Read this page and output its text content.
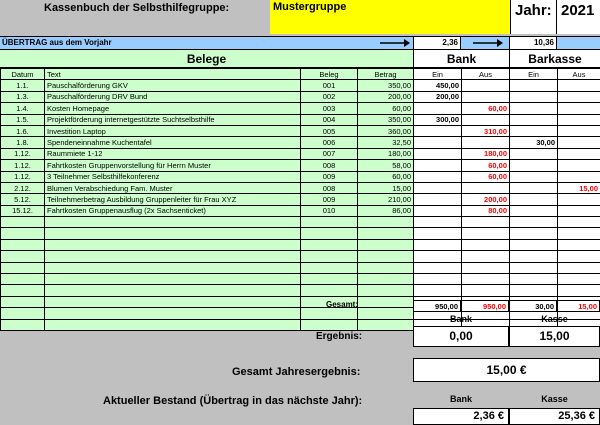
Kassenbuch der Selbsthilfegruppe:	Mustergruppe	Jahr: 2021
ÜBERTRAG aus dem Vorjahr	2,36	10,36
Belege	Bank	Barkasse
Datum	Text	Beleg	Betrag	Ein	Aus	Ein	Aus
1.1.	Pauschalförderung GKV	001	350,00	450,00			
1.3.	Pauschalförderung DRV Bund	002	200,00	200,00			
1.4.	Kosten Homepage	003	60,00		60,00		
1.5.	Projektförderung internetgestützte Suchtselbsthilfe	004	350,00	300,00			
1.6.	Investition Laptop	005	360,00		310,00		
1.8.	Spendeneinnahme Kuchentafel	006	32,50			30,00	
1.12.	Raummiete 1-12	007	180,00		180,00		
1.12.	Fahrtkosten Gruppenvorstellung für Herrn Muster	008	58,00		60,00		
1.12.	3 Teilnehmer Selbsthilfekonferenz	009	60,00		60,00		
2.12.	Blumen Verabschiedung Fam. Muster	008	15,00				15,00
5.12.	Teilnehmerbetrag Ausbildung Gruppenleiter für Frau XYZ	009	210,00		200,00		
15.12.	Fahrtkosten Gruppenausflug (2x Sachsenticket)	010	86,00		80,00		

Gesamt:	950,00	950,00	30,00	15,00
Bank	Kasse
Ergebnis:	0,00	15,00
Gesamt Jahresergebnis:	15,00 €
Aktueller Bestand (Übertrag in das nächste Jahr):	Bank	Kasse
2,36 €	25,36 €
